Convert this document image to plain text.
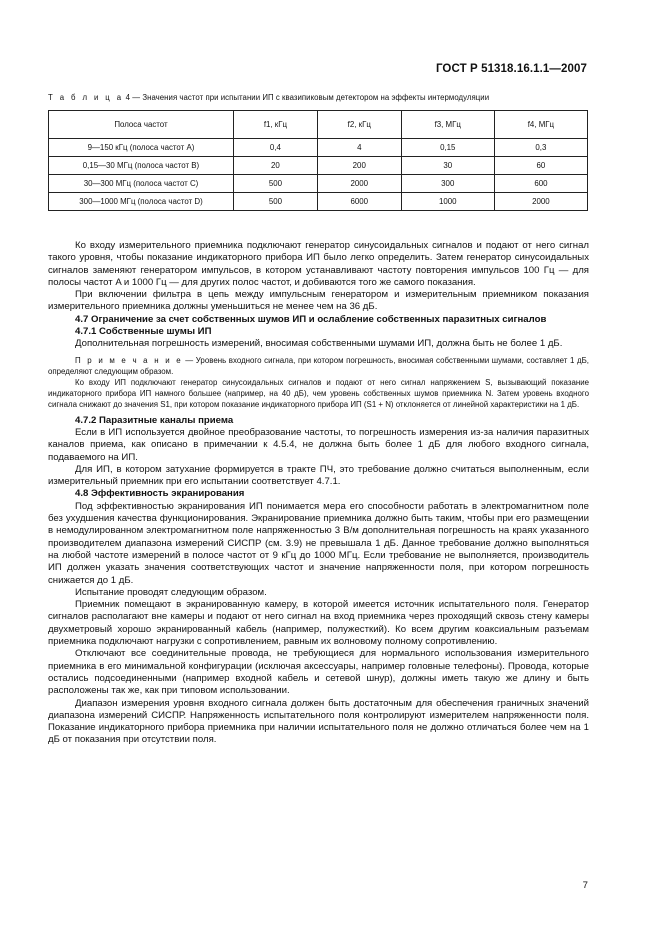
ГОСТ Р 51318.16.1.1—2007
Т а б л и ц а 4 — Значения частот при испытании ИП с квазипиковым детектором на эффекты интермодуляции
Полоса частот	f1, кГц	f2, кГц	f3, МГц	f4, МГц
9—150 кГц (полоса частот A)	0,4	4	0,15	0,3
0,15—30 МГц (полоса частот B)	20	200	30	60
30—300 МГц (полоса частот C)	500	2000	300	600
300—1000 МГц (полоса частот D)	500	6000	1000	2000

Ко входу измерительного приемника подключают генератор синусоидальных сигналов и подают от него сигнал такого уровня, чтобы показание индикаторного прибора ИП было легко определить. Затем генератор синусоидальных сигналов заменяют генератором импульсов, в котором устанавливают частоту повторения импульсов 100 Гц — для полосы частот A и 1000 Гц — для других полос частот, и добиваются того же самого показания.

При включении фильтра в цепь между импульсным генератором и измерительным приемником показания измерительного приемника должны уменьшиться не менее чем на 36 дБ.

4.7 Ограничение за счет собственных шумов ИП и ослабление собственных паразитных сигналов

4.7.1 Собственные шумы ИП

Дополнительная погрешность измерений, вносимая собственными шумами ИП, должна быть не более 1 дБ.

П р и м е ч а н и е — Уровень входного сигнала, при котором погрешность, вносимая собственными шумами, составляет 1 дБ, определяют следующим образом.

Ко входу ИП подключают генератор синусоидальных сигналов и подают от него сигнал напряжением S, вызывающий показание индикаторного прибора ИП намного большее (например, на 40 дБ), чем уровень собственных шумов приемника N. Затем уровень входного сигнала снижают до значения S1, при котором показание индикаторного прибора ИП (S1 + N) отклоняется от линейной характеристики на 1 дБ.

4.7.2 Паразитные каналы приема

Если в ИП используется двойное преобразование частоты, то погрешность измерения из-за наличия паразитных каналов приема, как описано в примечании к 4.5.4, не должна быть более 1 дБ для любого входного сигнала, подаваемого на ИП.

Для ИП, в котором затухание формируется в тракте ПЧ, это требование должно считаться выполненным, если измерительный приемник при его испытании соответствует 4.7.1.

4.8 Эффективность экранирования

Под эффективностью экранирования ИП понимается мера его способности работать в электромагнитном поле без ухудшения качества функционирования. Экранирование приемника должно быть таким, чтобы при его размещении в немодулированном электромагнитном поле напряженностью 3 В/м дополнительная погрешность на краях указанного производителем диапазона измерений СИСПР (см. 3.9) не превышала 1 дБ. Данное требование должно выполняться на любой частоте измерений в полосе частот от 9 кГц до 1000 МГц. Если требование не выполняется, производитель ИП должен указать значения соответствующих частот и значение напряженности поля, при котором погрешность снижается до 1 дБ.

Испытание проводят следующим образом.

Приемник помещают в экранированную камеру, в которой имеется источник испытательного поля. Генератор сигналов располагают вне камеры и подают от него сигнал на вход приемника через проходящий сквозь стену камеры двухметровый хорошо экранированный кабель (например, полужесткий). Ко всем другим коаксиальным разъемам приемника подключают нагрузки с сопротивлением, равным их волновому полному сопротивлению.

Отключают все соединительные провода, не требующиеся для нормального использования измерительного приемника в его минимальной конфигурации (исключая аксессуары, например головные телефоны). Провода, которые остались подсоединенными (например входной кабель и сетевой шнур), должны иметь такую же длину и быть расположены так же, как при типовом использовании.

Диапазон измерения уровня входного сигнала должен быть достаточным для обеспечения граничных значений диапазона измерений СИСПР. Напряженность испытательного поля контролируют измерителем напряженности поля. Показание индикаторного прибора приемника при наличии испытательного поля не должно отличаться более чем на 1 дБ от показания при отсутствии поля.

7
